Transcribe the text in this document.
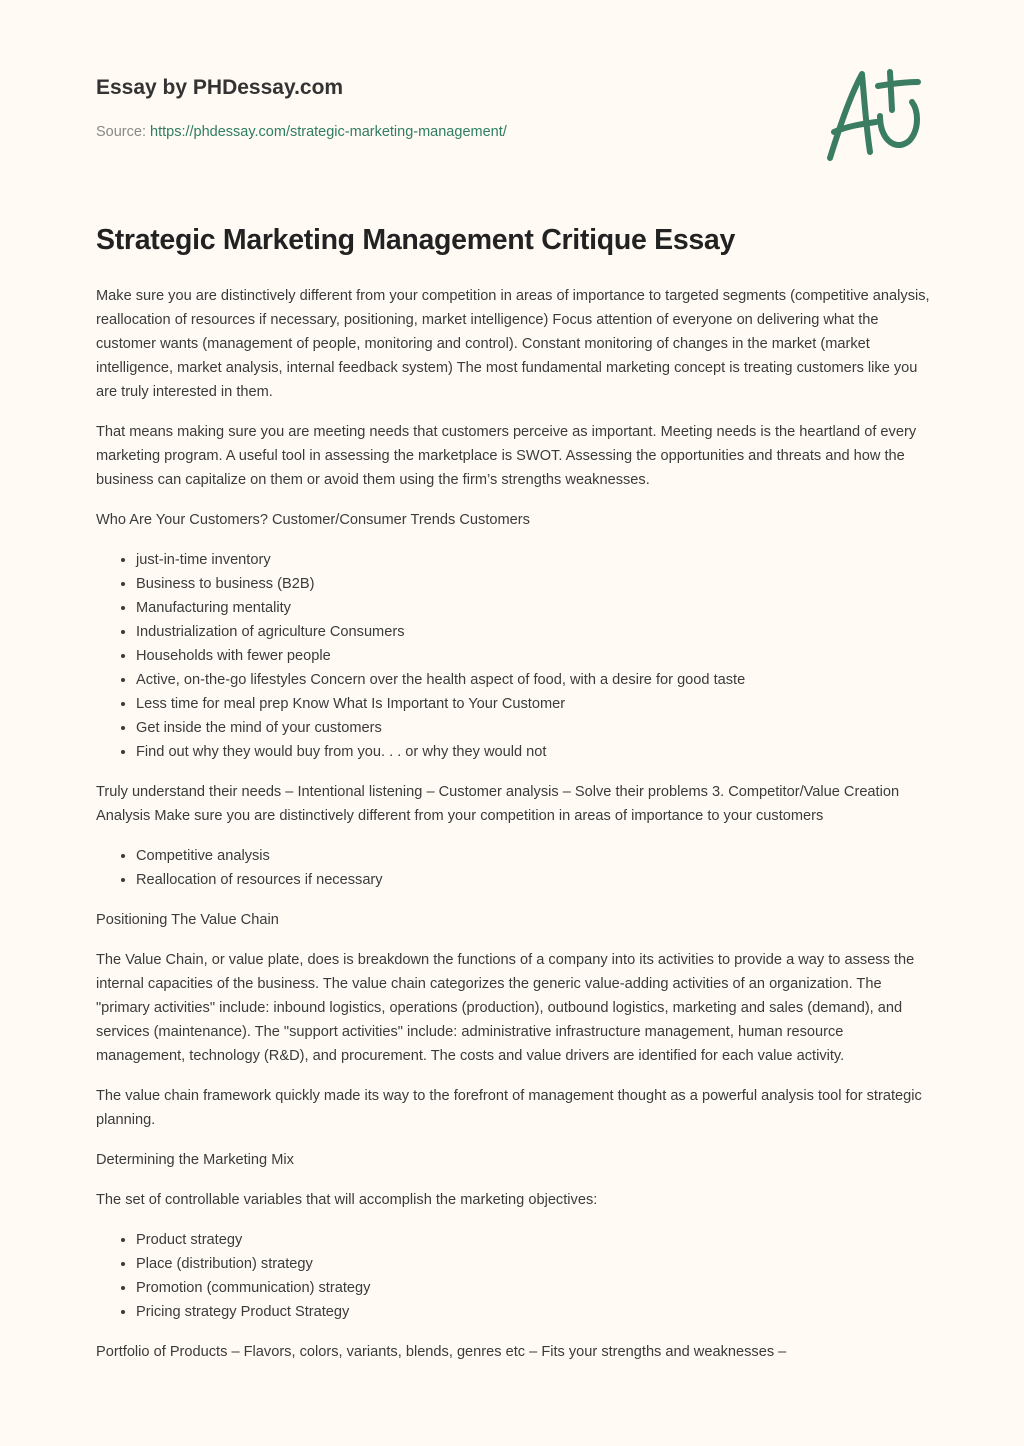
Essay by PHDessay.com
Source: https://phdessay.com/strategic-marketing-management/
Strategic Marketing Management Critique Essay

Make sure you are distinctively different from your competition in areas of importance to targeted segments (competitive analysis, reallocation of resources if necessary, positioning, market intelligence) Focus attention of everyone on delivering what the customer wants (management of people, monitoring and control). Constant monitoring of changes in the market (market intelligence, market analysis, internal feedback system) The most fundamental marketing concept is treating customers like you are truly interested in them.

That means making sure you are meeting needs that customers perceive as important. Meeting needs is the heartland of every marketing program. A useful tool in assessing the marketplace is SWOT. Assessing the opportunities and threats and how the business can capitalize on them or avoid them using the firm’s strengths weaknesses.

Who Are Your Customers? Customer/Consumer Trends Customers

• just-in-time inventory
• Business to business (B2B)
• Manufacturing mentality
• Industrialization of agriculture Consumers
• Households with fewer people
• Active, on-the-go lifestyles Concern over the health aspect of food, with a desire for good taste
• Less time for meal prep Know What Is Important to Your Customer
• Get inside the mind of your customers
• Find out why they would buy from you. . . or why they would not

Truly understand their needs – Intentional listening – Customer analysis – Solve their problems 3. Competitor/Value Creation Analysis Make sure you are distinctively different from your competition in areas of importance to your customers

• Competitive analysis
• Reallocation of resources if necessary

Positioning The Value Chain

The Value Chain, or value plate, does is breakdown the functions of a company into its activities to provide a way to assess the internal capacities of the business. The value chain categorizes the generic value-adding activities of an organization. The "primary activities" include: inbound logistics, operations (production), outbound logistics, marketing and sales (demand), and services (maintenance). The "support activities" include: administrative infrastructure management, human resource management, technology (R&D), and procurement. The costs and value drivers are identified for each value activity.

The value chain framework quickly made its way to the forefront of management thought as a powerful analysis tool for strategic planning.

Determining the Marketing Mix

The set of controllable variables that will accomplish the marketing objectives:

• Product strategy
• Place (distribution) strategy
• Promotion (communication) strategy
• Pricing strategy Product Strategy

Portfolio of Products – Flavors, colors, variants, blends, genres etc – Fits your strengths and weaknesses –
